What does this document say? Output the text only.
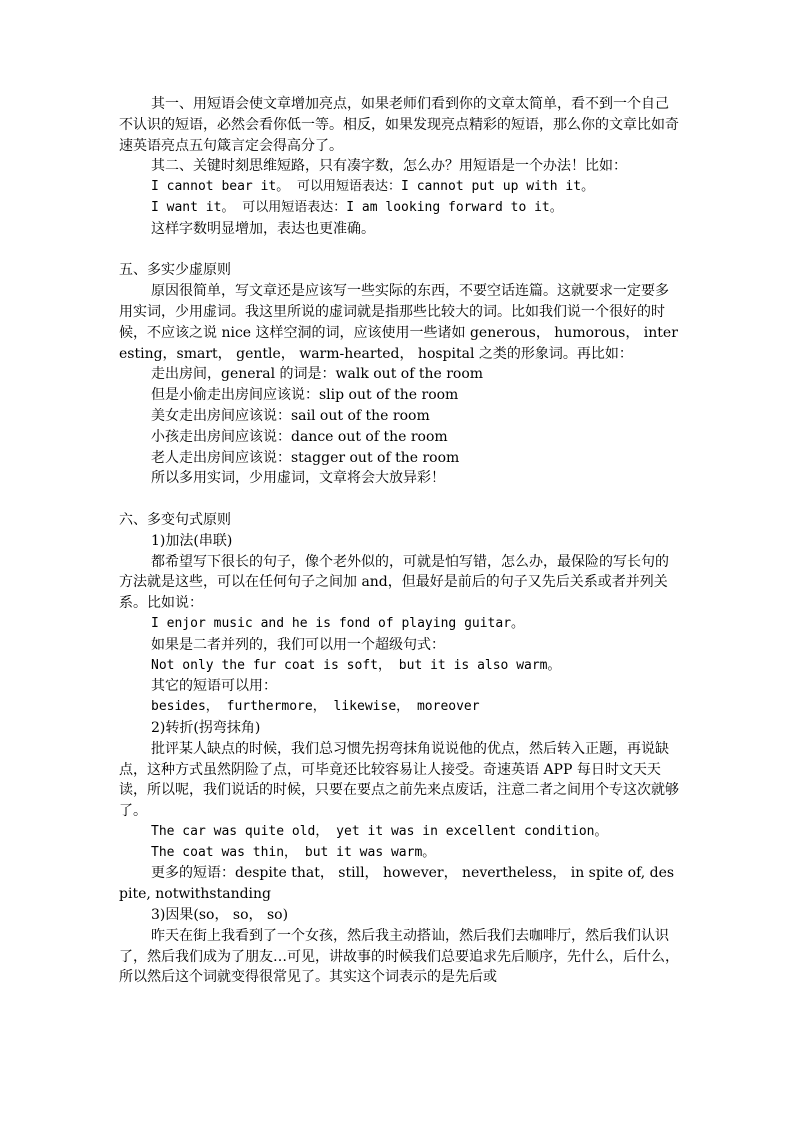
其一、用短语会使文章增加亮点，如果老师们看到你的文章太简单，看不到一个自己不认识的短语，必然会看你低一等。相反，如果发现亮点精彩的短语，那么你的文章比如奇速英语亮点五句箴言定会得高分了。

其二、关键时刻思维短路，只有凑字数，怎么办？用短语是一个办法！比如：

I cannot bear it。 可以用短语表达：I cannot put up with it。

I want it。 可以用短语表达：I am looking forward to it。

这样字数明显增加，表达也更准确。

五、多实少虚原则

原因很简单，写文章还是应该写一些实际的东西，不要空话连篇。这就要求一定要多用实词，少用虚词。我这里所说的虚词就是指那些比较大的词。比如我们说一个很好的时候，不应该之说 nice 这样空洞的词，应该使用一些诸如 generous， humorous， interesting，smart， gentle， warm-hearted， hospital 之类的形象词。再比如：

走出房间，general 的词是：walk out of the room

但是小偷走出房间应该说：slip out of the room

美女走出房间应该说：sail out of the room

小孩走出房间应该说：dance out of the room

老人走出房间应该说：stagger out of the room

所以多用实词，少用虚词，文章将会大放异彩！

六、多变句式原则

1)加法(串联)

都希望写下很长的句子，像个老外似的，可就是怕写错，怎么办，最保险的写长句的方法就是这些，可以在任何句子之间加 and，但最好是前后的句子又先后关系或者并列关系。比如说：

I enjor music and he is fond of playing guitar。

如果是二者并列的，我们可以用一个超级句式：

Not only the fur coat is soft， but it is also warm。

其它的短语可以用：

besides， furthermore， likewise， moreover

2)转折(拐弯抹角)

批评某人缺点的时候，我们总习惯先拐弯抹角说说他的优点，然后转入正题，再说缺点，这种方式虽然阴险了点，可毕竟还比较容易让人接受。奇速英语 APP 每日时文天天读，所以呢，我们说话的时候，只要在要点之前先来点废话，注意二者之间用个专这次就够了。

The car was quite old， yet it was in excellent condition。

The coat was thin， but it was warm。

更多的短语：despite that， still， however， nevertheless， in spite of, despite, notwithstanding

3)因果(so， so， so)

昨天在街上我看到了一个女孩，然后我主动搭讪，然后我们去咖啡厅，然后我们认识了，然后我们成为了朋友…可见，讲故事的时候我们总要追求先后顺序，先什么，后什么，所以然后这个词就变得很常见了。其实这个词表示的是先后或
